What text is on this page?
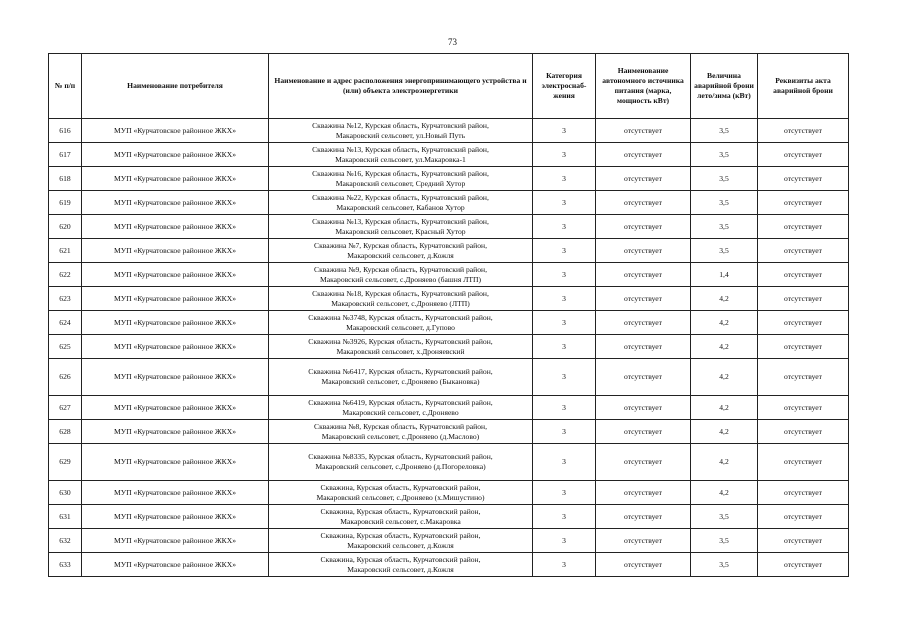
73
№ п/п	Наименование потребителя	Наименование и адрес расположения энергопринимающего устройства и (или) объекта электроэнергетики	Категория электроснаб-жения	Наименование автономного источника питания (марка, мощность кВт)	Величина аварийной брони лето/зима (кВт)	Реквизиты акта аварийной брони
616	МУП «Курчатовское районное ЖКХ»	Скважина №12, Курская область, Курчатовский район,
Макаровский сельсовет, ул.Новый Путь	3	отсутствует	3,5	отсутствует
617	МУП «Курчатовское районное ЖКХ»	Скважина №13, Курская область, Курчатовский район,
Макаровский сельсовет, ул.Макаровка-1	3	отсутствует	3,5	отсутствует
618	МУП «Курчатовское районное ЖКХ»	Скважина №16, Курская область, Курчатовский район,
Макаровский сельсовет, Средний Хутор	3	отсутствует	3,5	отсутствует
619	МУП «Курчатовское районное ЖКХ»	Скважина №22, Курская область, Курчатовский район,
Макаровский сельсовет, Кабанов Хутор	3	отсутствует	3,5	отсутствует
620	МУП «Курчатовское районное ЖКХ»	Скважина №13, Курская область, Курчатовский район,
Макаровский сельсовет, Красный Хутор	3	отсутствует	3,5	отсутствует
621	МУП «Курчатовское районное ЖКХ»	Скважина №7, Курская область, Курчатовский район,
Макаровский сельсовет, д.Кожля	3	отсутствует	3,5	отсутствует
622	МУП «Курчатовское районное ЖКХ»	Скважина №9, Курская область, Курчатовский район,
Макаровский сельсовет, с.Дроняево (башня ЛТП)	3	отсутствует	1,4	отсутствует
623	МУП «Курчатовское районное ЖКХ»	Скважина №18, Курская область, Курчатовский район,
Макаровский сельсовет, с.Дроняево (ЛТП)	3	отсутствует	4,2	отсутствует
624	МУП «Курчатовское районное ЖКХ»	Скважина №3748, Курская область, Курчатовский район,
Макаровский сельсовет, д.Гупово	3	отсутствует	4,2	отсутствует
625	МУП «Курчатовское районное ЖКХ»	Скважина №3926, Курская область, Курчатовский район,
Макаровский сельсовет, х.Дроняевский	3	отсутствует	4,2	отсутствует
626	МУП «Курчатовское районное ЖКХ»	Скважина №6417, Курская область, Курчатовский район,
Макаровский сельсовет, с.Дроняево (Быкановка)	3	отсутствует	4,2	отсутствует
627	МУП «Курчатовское районное ЖКХ»	Скважина №6419, Курская область, Курчатовский район,
Макаровский сельсовет, с.Дроняево	3	отсутствует	4,2	отсутствует
628	МУП «Курчатовское районное ЖКХ»	Скважина №8, Курская область, Курчатовский район,
Макаровский сельсовет, с.Дроняево (д.Маслово)	3	отсутствует	4,2	отсутствует
629	МУП «Курчатовское районное ЖКХ»	Скважина №8335, Курская область, Курчатовский район,
Макаровский сельсовет, с.Дроняево (д.Погореловка)	3	отсутствует	4,2	отсутствует
630	МУП «Курчатовское районное ЖКХ»	Скважина, Курская область, Курчатовский район,
Макаровский сельсовет, с.Дроняево (х.Мишустино)	3	отсутствует	4,2	отсутствует
631	МУП «Курчатовское районное ЖКХ»	Скважина, Курская область, Курчатовский район,
Макаровский сельсовет, с.Макаровка	3	отсутствует	3,5	отсутствует
632	МУП «Курчатовское районное ЖКХ»	Скважина, Курская область, Курчатовский район,
Макаровский сельсовет, д.Кожля	3	отсутствует	3,5	отсутствует
633	МУП «Курчатовское районное ЖКХ»	Скважина, Курская область, Курчатовский район,
Макаровский сельсовет, д.Кожля	3	отсутствует	3,5	отсутствует
